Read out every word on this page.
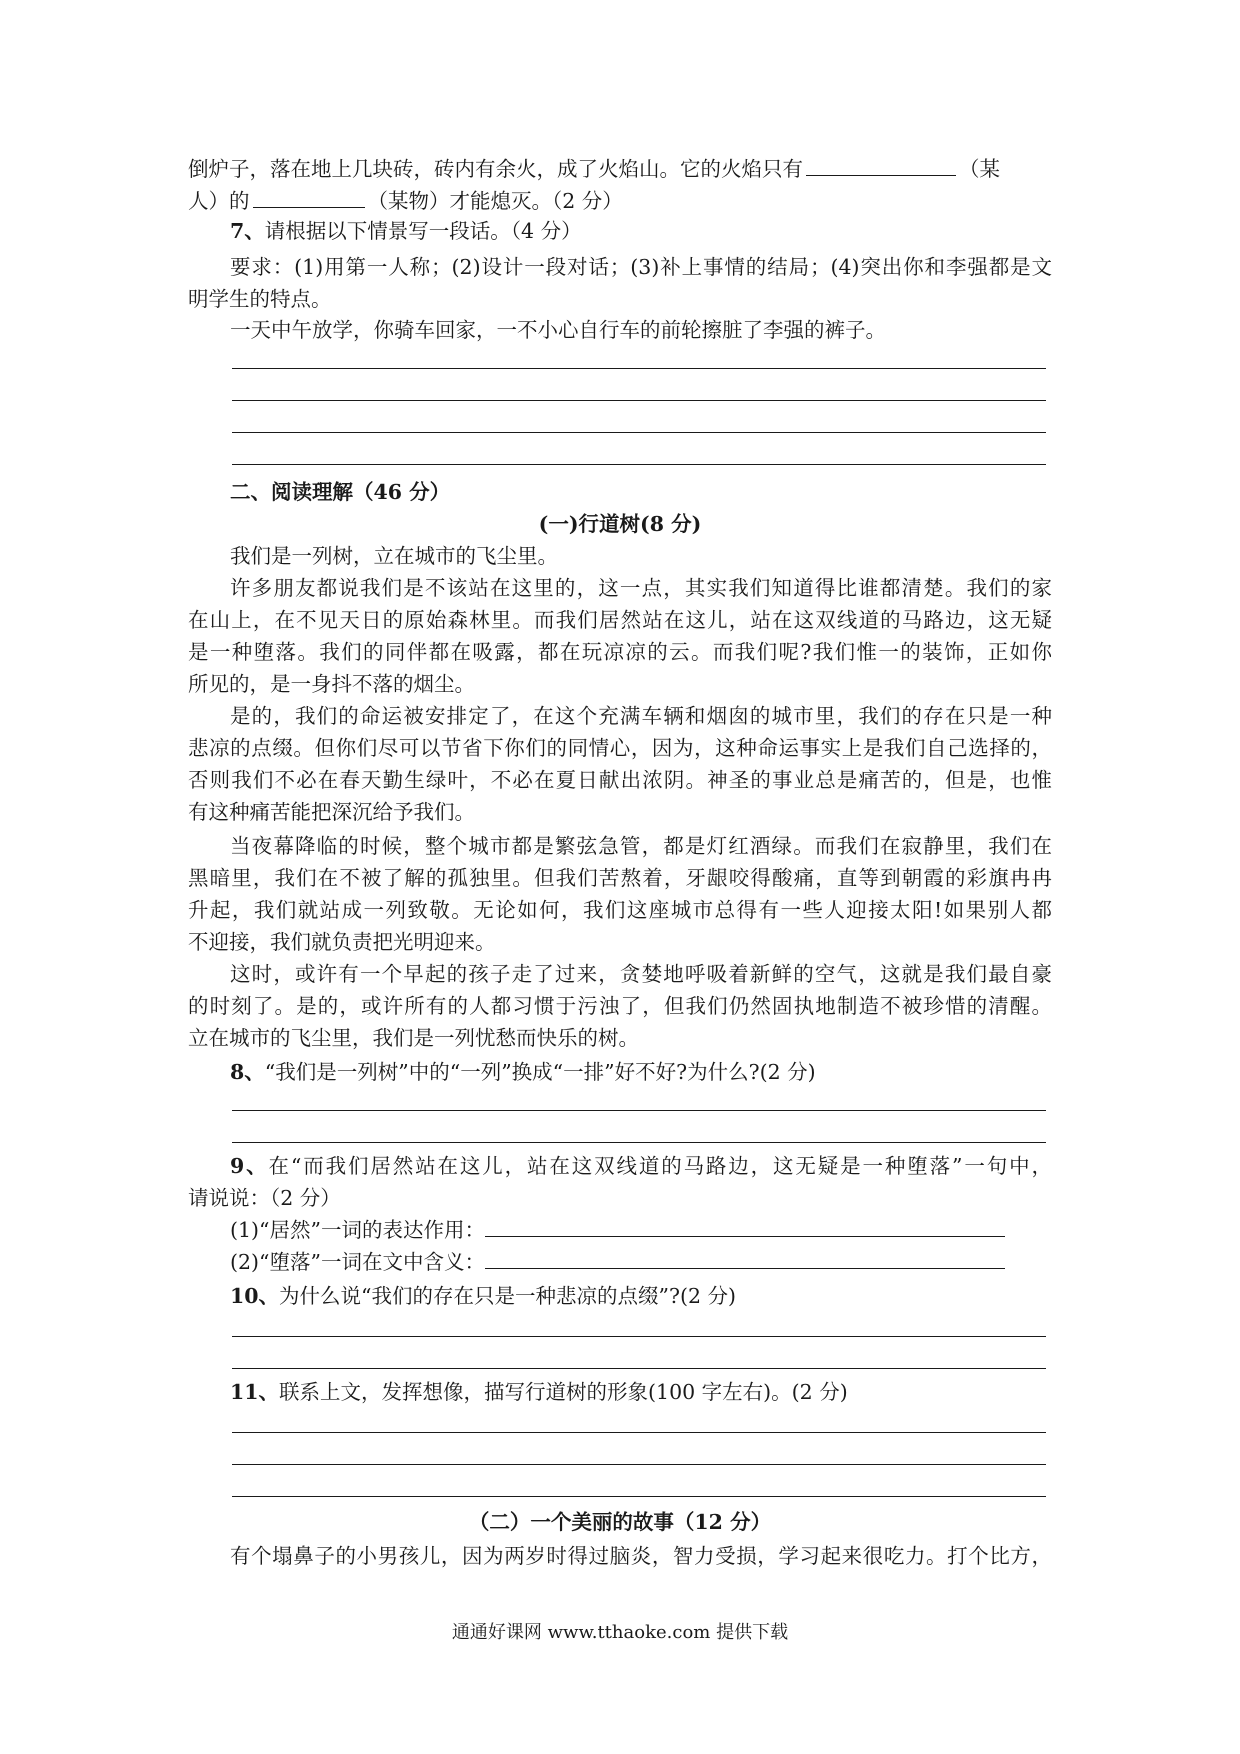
倒炉子，落在地上几块砖，砖内有余火，成了火焰山。它的火焰只有	（某
人）的	（某物）才能熄灭。（2 分）
7、请根据以下情景写一段话。（4 分）
要求：(1)用第一人称；(2)设计一段对话；(3)补上事情的结局；(4)突出你和李强都是文
明学生的特点。
一天中午放学，你骑车回家，一不小心自行车的前轮擦脏了李强的裤子。
二、阅读理解（46 分）
(一)行道树(8 分)
我们是一列树，立在城市的飞尘里。
许多朋友都说我们是不该站在这里的，这一点，其实我们知道得比谁都清楚。我们的家
在山上，在不见天日的原始森林里。而我们居然站在这儿，站在这双线道的马路边，这无疑
是一种堕落。我们的同伴都在吸露，都在玩凉凉的云。而我们呢?我们惟一的装饰，正如你
所见的，是一身抖不落的烟尘。
是的，我们的命运被安排定了，在这个充满车辆和烟囱的城市里，我们的存在只是一种
悲凉的点缀。但你们尽可以节省下你们的同情心，因为，这种命运事实上是我们自己选择的，
否则我们不必在春天勤生绿叶，不必在夏日献出浓阴。神圣的事业总是痛苦的，但是，也惟
有这种痛苦能把深沉给予我们。
当夜幕降临的时候，整个城市都是繁弦急管，都是灯红酒绿。而我们在寂静里，我们在
黑暗里，我们在不被了解的孤独里。但我们苦熬着，牙龈咬得酸痛，直等到朝霞的彩旗冉冉
升起，我们就站成一列致敬。无论如何，我们这座城市总得有一些人迎接太阳!如果别人都
不迎接，我们就负责把光明迎来。
这时，或许有一个早起的孩子走了过来，贪婪地呼吸着新鲜的空气，这就是我们最自豪
的时刻了。是的，或许所有的人都习惯于污浊了，但我们仍然固执地制造不被珍惜的清醒。
立在城市的飞尘里，我们是一列忧愁而快乐的树。
8、“我们是一列树”中的“一列”换成“一排”好不好?为什么?(2 分)
9、在“而我们居然站在这儿，站在这双线道的马路边，这无疑是一种堕落”一句中，
请说说：（2 分）
(1)“居然”一词的表达作用：
(2)“堕落”一词在文中含义：
10、为什么说“我们的存在只是一种悲凉的点缀”?(2 分)
11、联系上文，发挥想像，描写行道树的形象(100 字左右)。(2 分)
（二）一个美丽的故事（12 分）
有个塌鼻子的小男孩儿，因为两岁时得过脑炎，智力受损，学习起来很吃力。打个比方，
通通好课网 www.tthaoke.com 提供下载
